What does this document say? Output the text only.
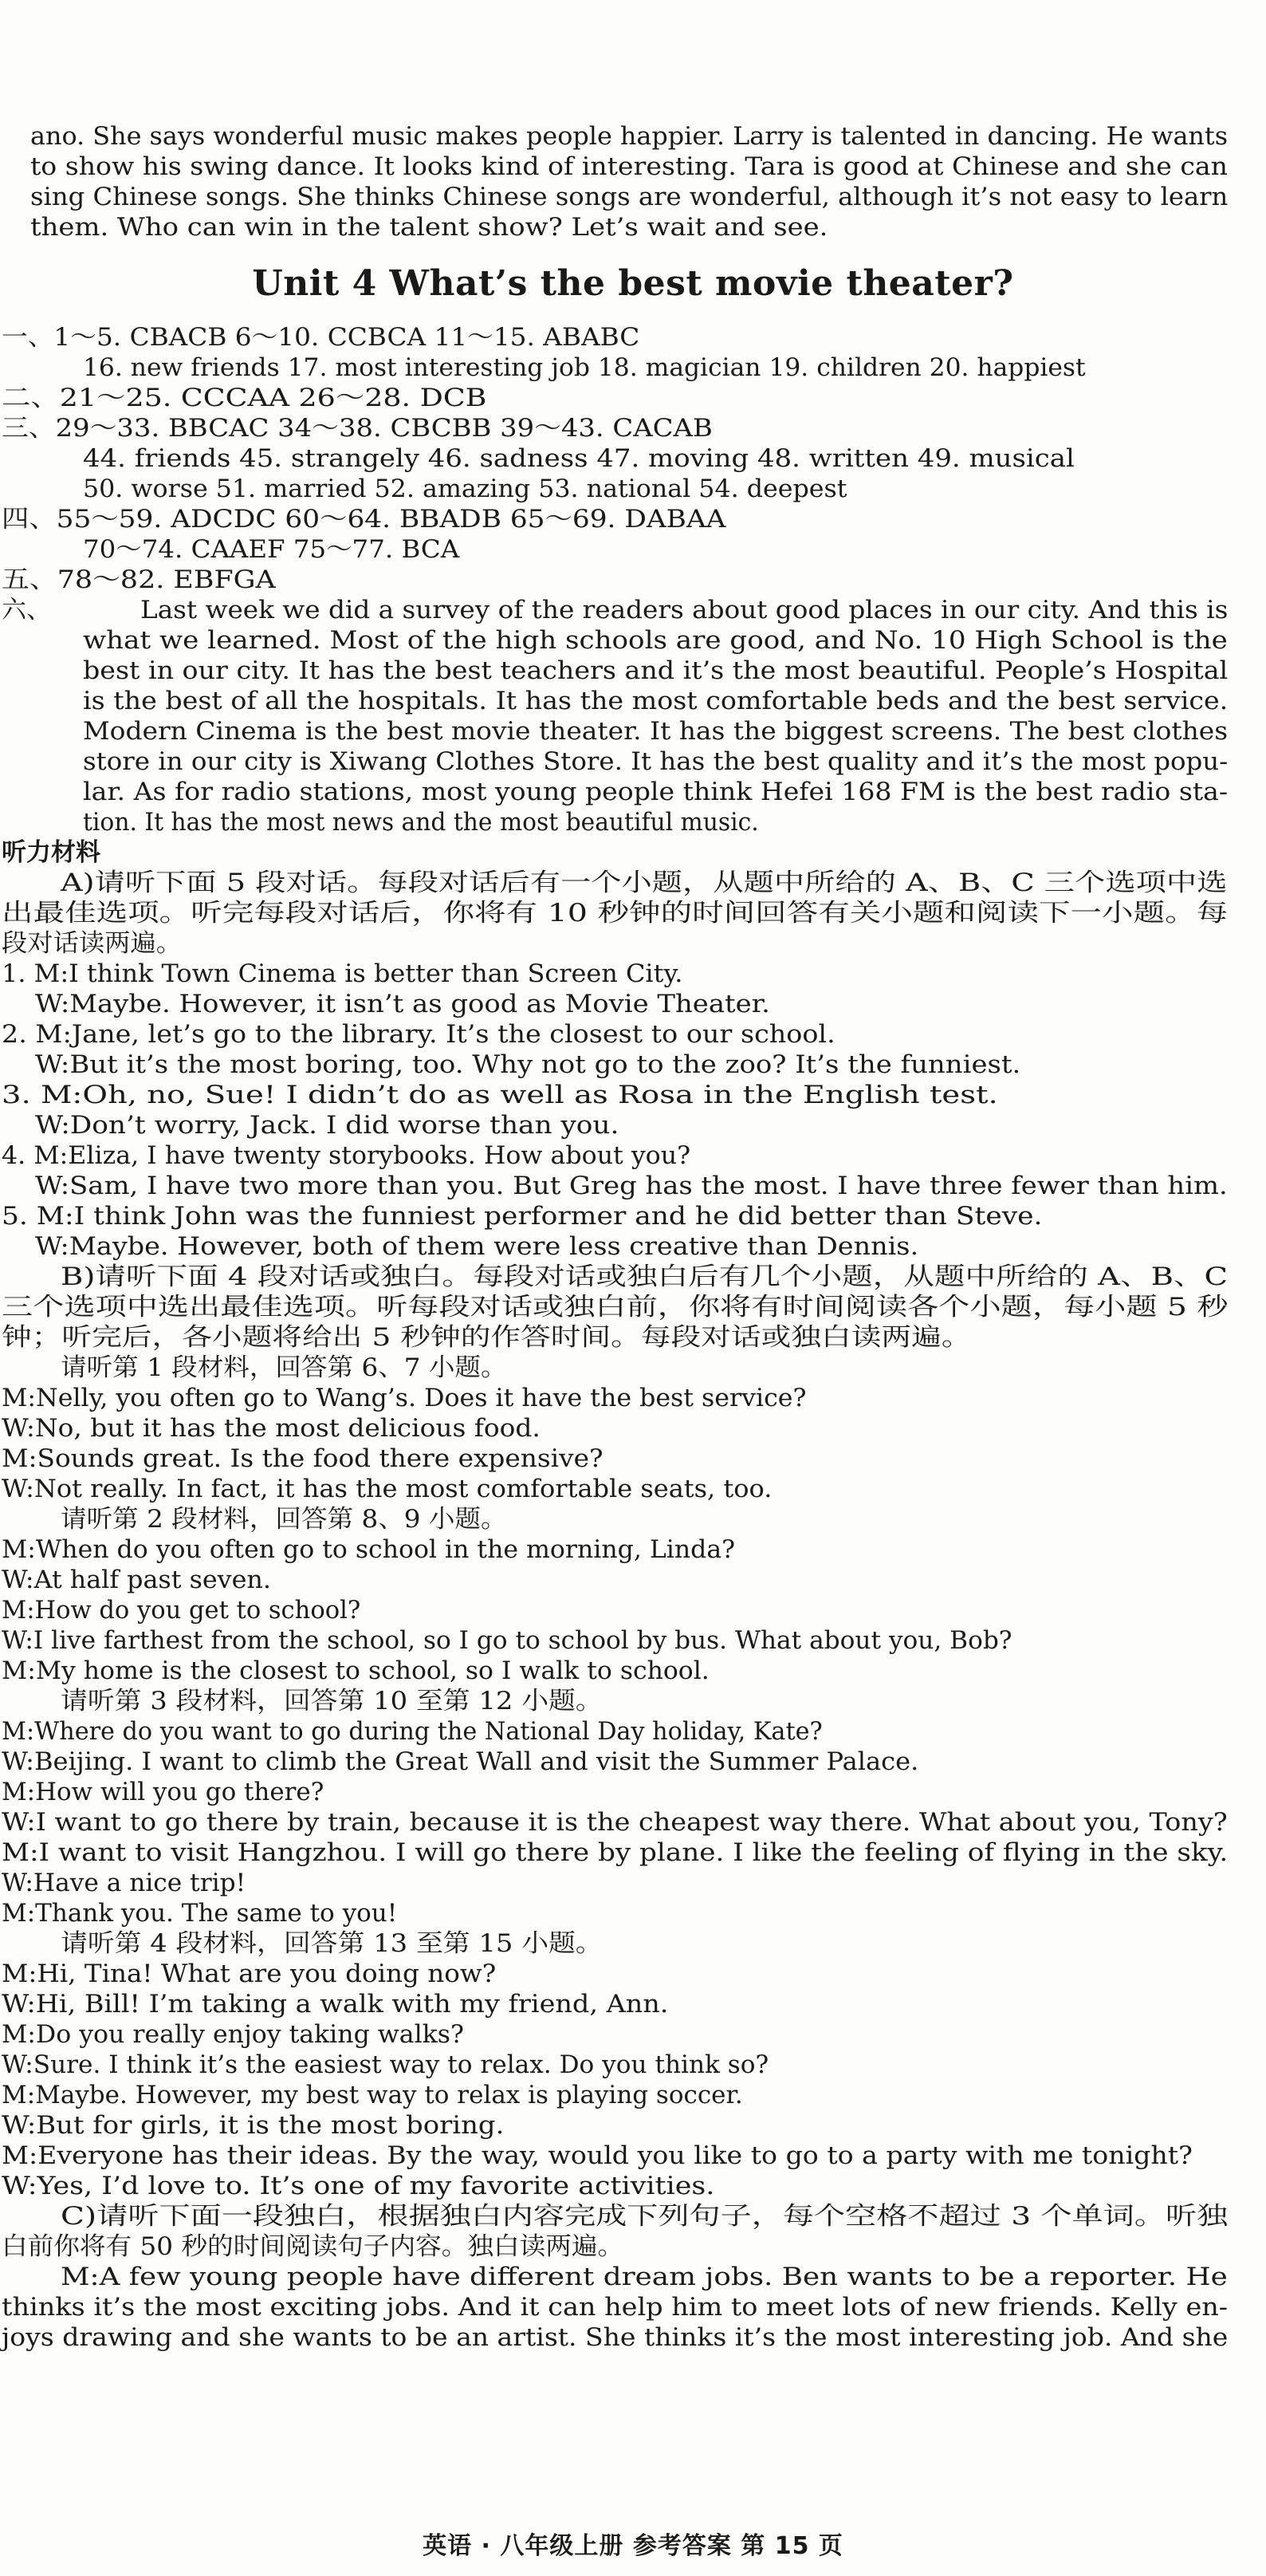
ano. She says wonderful music makes people happier. Larry is talented in dancing. He wants
to show his swing dance. It looks kind of interesting. Tara is good at Chinese and she can
sing Chinese songs. She thinks Chinese songs are wonderful, although it’s not easy to learn
them. Who can win in the talent show? Let’s wait and see.
Unit 4 What’s the best movie theater?
一、1～5. CBACB 6～10. CCBCA 11～15. ABABC
16. new friends 17. most interesting job 18. magician 19. children 20. happiest
二、21～25. CCCAA 26～28. DCB
三、29～33. BBCAC 34～38. CBCBB 39～43. CACAB
44. friends 45. strangely 46. sadness 47. moving 48. written 49. musical
50. worse 51. married 52. amazing 53. national 54. deepest
四、55～59. ADCDC 60～64. BBADB 65～69. DABAA
70～74. CAAEF 75～77. BCA
五、78～82. EBFGA
六、	Last week we did a survey of the readers about good places in our city. And this is
what we learned. Most of the high schools are good, and No. 10 High School is the
best in our city. It has the best teachers and it’s the most beautiful. People’s Hospital
is the best of all the hospitals. It has the most comfortable beds and the best service.
Modern Cinema is the best movie theater. It has the biggest screens. The best clothes
store in our city is Xiwang Clothes Store. It has the best quality and it’s the most popu-
lar. As for radio stations, most young people think Hefei 168 FM is the best radio sta-
tion. It has the most news and the most beautiful music.
听力材料
A)请听下面 5 段对话。每段对话后有一个小题，从题中所给的 A、B、C 三个选项中选
出最佳选项。听完每段对话后，你将有 10 秒钟的时间回答有关小题和阅读下一小题。每
段对话读两遍。
1. M:I think Town Cinema is better than Screen City.
W:Maybe. However, it isn’t as good as Movie Theater.
2. M:Jane, let’s go to the library. It’s the closest to our school.
W:But it’s the most boring, too. Why not go to the zoo? It’s the funniest.
3. M:Oh, no, Sue! I didn’t do as well as Rosa in the English test.
W:Don’t worry, Jack. I did worse than you.
4. M:Eliza, I have twenty storybooks. How about you?
W:Sam, I have two more than you. But Greg has the most. I have three fewer than him.
5. M:I think John was the funniest performer and he did better than Steve.
W:Maybe. However, both of them were less creative than Dennis.
B)请听下面 4 段对话或独白。每段对话或独白后有几个小题，从题中所给的 A、B、C
三个选项中选出最佳选项。听每段对话或独白前，你将有时间阅读各个小题，每小题 5 秒
钟；听完后，各小题将给出 5 秒钟的作答时间。每段对话或独白读两遍。
请听第 1 段材料，回答第 6、7 小题。
M:Nelly, you often go to Wang’s. Does it have the best service?
W:No, but it has the most delicious food.
M:Sounds great. Is the food there expensive?
W:Not really. In fact, it has the most comfortable seats, too.
请听第 2 段材料，回答第 8、9 小题。
M:When do you often go to school in the morning, Linda?
W:At half past seven.
M:How do you get to school?
W:I live farthest from the school, so I go to school by bus. What about you, Bob?
M:My home is the closest to school, so I walk to school.
请听第 3 段材料，回答第 10 至第 12 小题。
M:Where do you want to go during the National Day holiday, Kate?
W:Beijing. I want to climb the Great Wall and visit the Summer Palace.
M:How will you go there?
W:I want to go there by train, because it is the cheapest way there. What about you, Tony?
M:I want to visit Hangzhou. I will go there by plane. I like the feeling of flying in the sky.
W:Have a nice trip!
M:Thank you. The same to you!
请听第 4 段材料，回答第 13 至第 15 小题。
M:Hi, Tina! What are you doing now?
W:Hi, Bill! I’m taking a walk with my friend, Ann.
M:Do you really enjoy taking walks?
W:Sure. I think it’s the easiest way to relax. Do you think so?
M:Maybe. However, my best way to relax is playing soccer.
W:But for girls, it is the most boring.
M:Everyone has their ideas. By the way, would you like to go to a party with me tonight?
W:Yes, I’d love to. It’s one of my favorite activities.
C)请听下面一段独白，根据独白内容完成下列句子，每个空格不超过 3 个单词。听独
白前你将有 50 秒的时间阅读句子内容。独白读两遍。
M:A few young people have different dream jobs. Ben wants to be a reporter. He
thinks it’s the most exciting jobs. And it can help him to meet lots of new friends. Kelly en-
joys drawing and she wants to be an artist. She thinks it’s the most interesting job. And she
英语 · 八年级上册 参考答案 第 15 页
